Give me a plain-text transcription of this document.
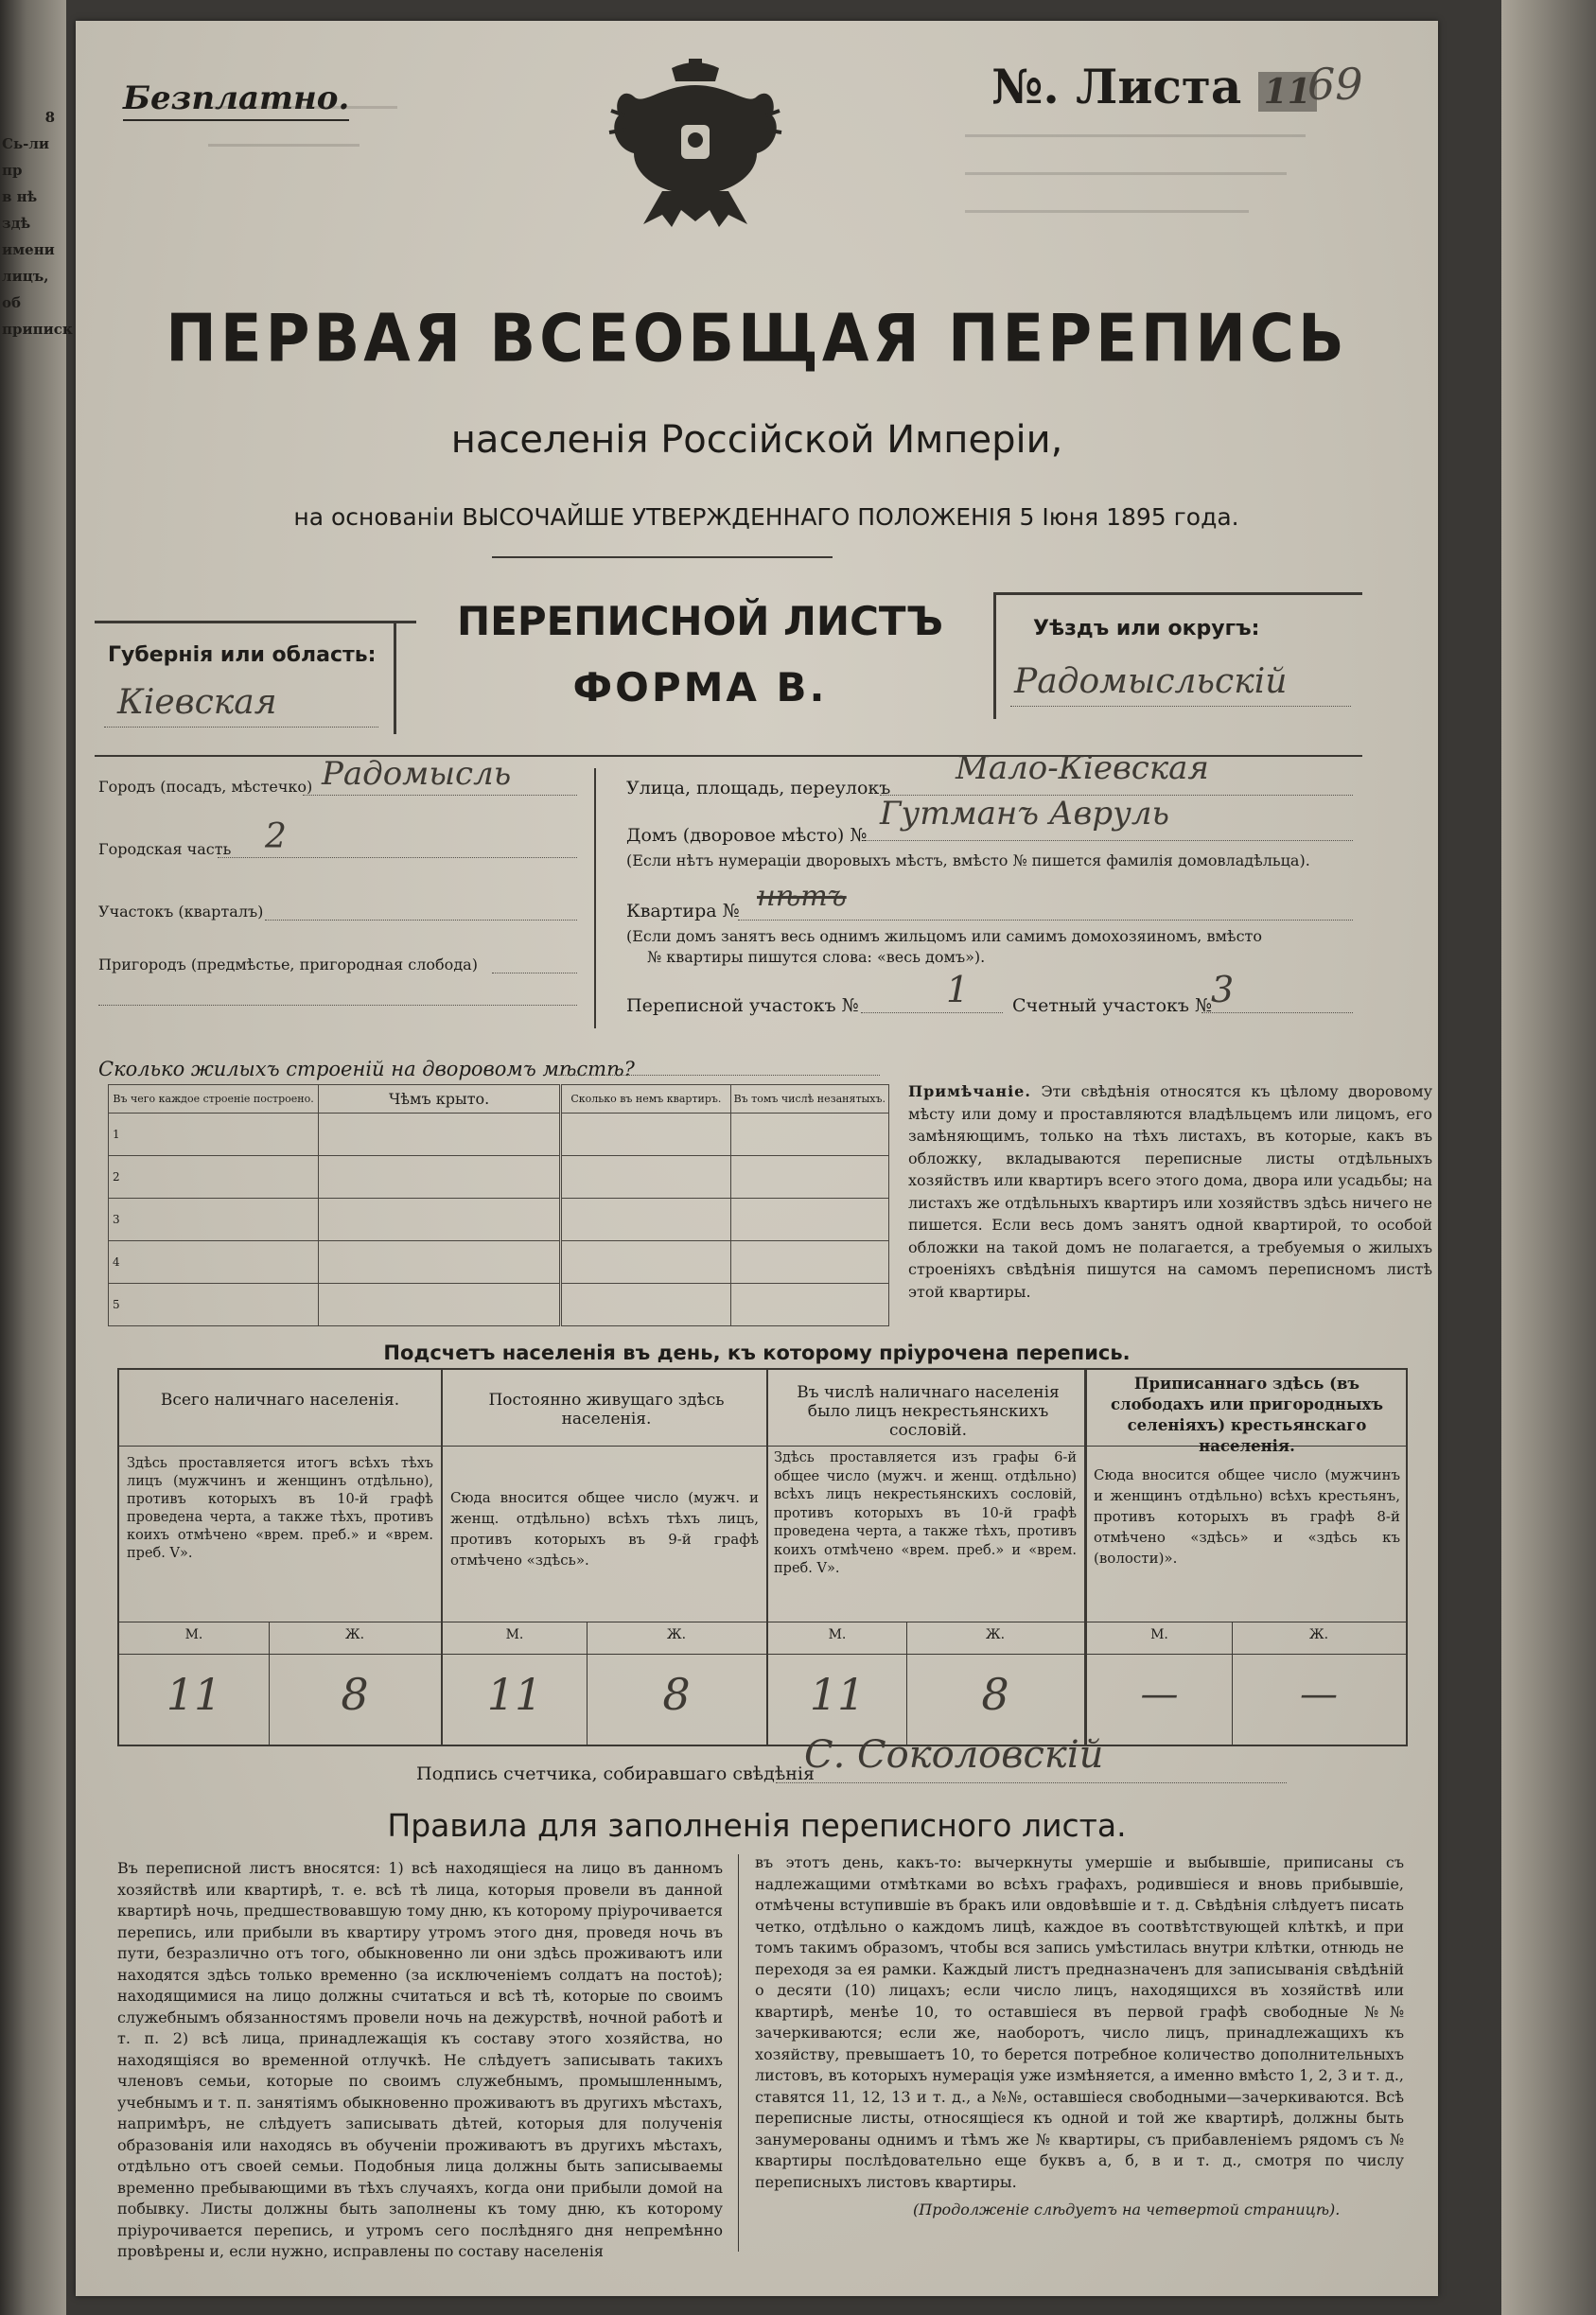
8
Сь-ли пр
в нѣ здѣ
имени
лицъ, об
приписк
Безплатно.	№. Листа 11
69
ПЕРВАЯ ВСЕОБЩАЯ ПЕРЕПИСЬ
населенія Россійской Имперіи,
на основаніи ВЫСОЧАЙШЕ УТВЕРЖДЕННАГО ПОЛОЖЕНІЯ 5 Іюня 1895 года.
ПЕРЕПИСНОЙ ЛИСТЪ
ФОРМА В.
Губернія или область:
Кіевская
Уѣздъ или округъ:
Радомысльскій
Городъ (посадъ, мѣстечко) Радомысль
Городская часть 2
Участокъ (кварталъ)
Пригородъ (предмѣстье, пригородная слобода)
Улица, площадь, переулокъ
Мало-Кіевская
Домъ (дворовое мѣсто) №
Гутманъ Авруль
(Если нѣтъ нумераціи дворовыхъ мѣстъ, вмѣсто № пишется фамилія домовладѣльца).
Квартира № нѣтъ
(Если домъ занятъ весь однимъ жильцомъ или самимъ домохозяиномъ, вмѣсто
№ квартиры пишутся слова: «весь домъ»).
Переписной участокъ № 1 Счетный участокъ № 3
Сколько жилыхъ строеній на дворовомъ мѣстѣ?
Въ чего каждое строеніе построено.	Чѣмъ крыто.	Сколько въ немъ квартиръ.	Въ томъ числѣ незанятыхъ.
1			
2			
3			
4			
5			
Примѣчаніе. Эти свѣдѣнія относятся къ цѣлому дворовому мѣсту или дому и проставляются владѣльцемъ или лицомъ, его замѣняющимъ, только на тѣхъ листахъ, въ которые, какъ въ обложку, вкладываются переписные листы отдѣльныхъ хозяйствъ или квартиръ всего этого дома, двора или усадьбы; на листахъ же отдѣльныхъ квартиръ или хозяйствъ здѣсь ничего не пишется. Если весь домъ занятъ одной квартирой, то особой обложки на такой домъ не полагается, а требуемыя о жилыхъ строеніяхъ свѣдѣнія пишутся на самомъ переписномъ листѣ этой квартиры.
Подсчетъ населенія въ день, къ которому пріурочена перепись.
Всего наличнаго населенія.
Здѣсь проставляется итогъ всѣхъ тѣхъ лицъ (мужчинъ и женщинъ отдѣльно), противъ которыхъ въ 10-й графѣ проведена черта, а также тѣхъ, противъ коихъ отмѣчено «врем. преб.» и «врем. преб. V».
М.	Ж.
11	8
Постоянно живущаго здѣсь населенія.
Сюда вносится общее число (мужч. и женщ. отдѣльно) всѣхъ тѣхъ лицъ, противъ которыхъ въ 9-й графѣ отмѣчено «здѣсь».
М.	Ж.
11	8
Въ числѣ наличнаго населенія было лицъ некрестьянскихъ сословій.
Здѣсь проставляется изъ графы 6-й общее число (мужч. и женщ. отдѣльно) всѣхъ лицъ некрестьянскихъ сословій, противъ которыхъ въ 10-й графѣ проведена черта, а также тѣхъ, противъ коихъ отмѣчено «врем. преб.» и «врем. преб. V».
М.	Ж.
11	8
Приписаннаго здѣсь (въ слободахъ или пригородныхъ селеніяхъ) крестьянскаго населенія.
Сюда вносится общее число (мужчинъ и женщинъ отдѣльно) всѣхъ крестьянъ, противъ которыхъ въ графѣ 8-й отмѣчено «здѣсь» и «здѣсь къ (волости)».
М.	Ж.
—	—
Подпись счетчика, собиравшаго свѣдѣнія
С. Соколовскій
Правила для заполненія переписного листа.
Въ переписной листъ вносятся: 1) всѣ находящіеся на лицо въ данномъ хозяйствѣ или квартирѣ, т. е. всѣ тѣ лица, которыя провели въ данной квартирѣ ночь, предшествовавшую тому дню, къ которому пріурочивается перепись, или прибыли въ квартиру утромъ этого дня, проведя ночь въ пути, безразлично отъ того, обыкновенно ли они здѣсь проживаютъ или находятся здѣсь только временно (за исключеніемъ солдатъ на постоѣ); находящимися на лицо должны считаться и всѣ тѣ, которые по своимъ служебнымъ обязанностямъ провели ночь на дежурствѣ, ночной работѣ и т. п. 2) всѣ лица, принадлежащія къ составу этого хозяйства, но находящіяся во временной отлучкѣ. Не слѣдуетъ записывать такихъ членовъ семьи, которые по своимъ служебнымъ, промышленнымъ, учебнымъ и т. п. занятіямъ обыкновенно проживаютъ въ другихъ мѣстахъ, напримѣръ, не слѣдуетъ записывать дѣтей, которыя для полученія образованія или находясь въ обученіи проживаютъ въ другихъ мѣстахъ, отдѣльно отъ своей семьи. Подобныя лица должны быть записываемы временно пребывающими въ тѣхъ случаяхъ, когда они прибыли домой на побывку. Листы должны быть заполнены къ тому дню, къ которому пріурочивается перепись, и утромъ сего послѣдняго дня непремѣнно провѣрены и, если нужно, исправлены по составу населенія
въ этотъ день, какъ-то: вычеркнуты умершіе и выбывшіе, приписаны съ надлежащими отмѣтками во всѣхъ графахъ, родившіеся и вновь прибывшіе, отмѣчены вступившіе въ бракъ или овдовѣвшіе и т. д. Свѣдѣнія слѣдуетъ писать четко, отдѣльно о каждомъ лицѣ, каждое въ соотвѣтствующей клѣткѣ, и при томъ такимъ образомъ, чтобы вся запись умѣстилась внутри клѣтки, отнюдь не переходя за ея рамки. Каждый листъ предназначенъ для записыванія свѣдѣній о десяти (10) лицахъ; если число лицъ, находящихся въ хозяйствѣ или квартирѣ, менѣе 10, то оставшіеся въ первой графѣ свободные №№ зачеркиваются; если же, наоборотъ, число лицъ, принадлежащихъ къ хозяйству, превышаетъ 10, то берется потребное количество дополнительныхъ листовъ, въ которыхъ нумерація уже измѣняется, а именно вмѣсто 1, 2, 3 и т. д., ставятся 11, 12, 13 и т. д., а №№, оставшіеся свободными—зачеркиваются. Всѣ переписные листы, относящіеся къ одной и той же квартирѣ, должны быть занумерованы однимъ и тѣмъ же № квартиры, съ прибавленіемъ рядомъ съ № квартиры послѣдовательно еще буквъ а, б, в и т. д., смотря по числу переписныхъ листовъ квартиры.
(Продолженіе слѣдуетъ на четвертой страницѣ).
